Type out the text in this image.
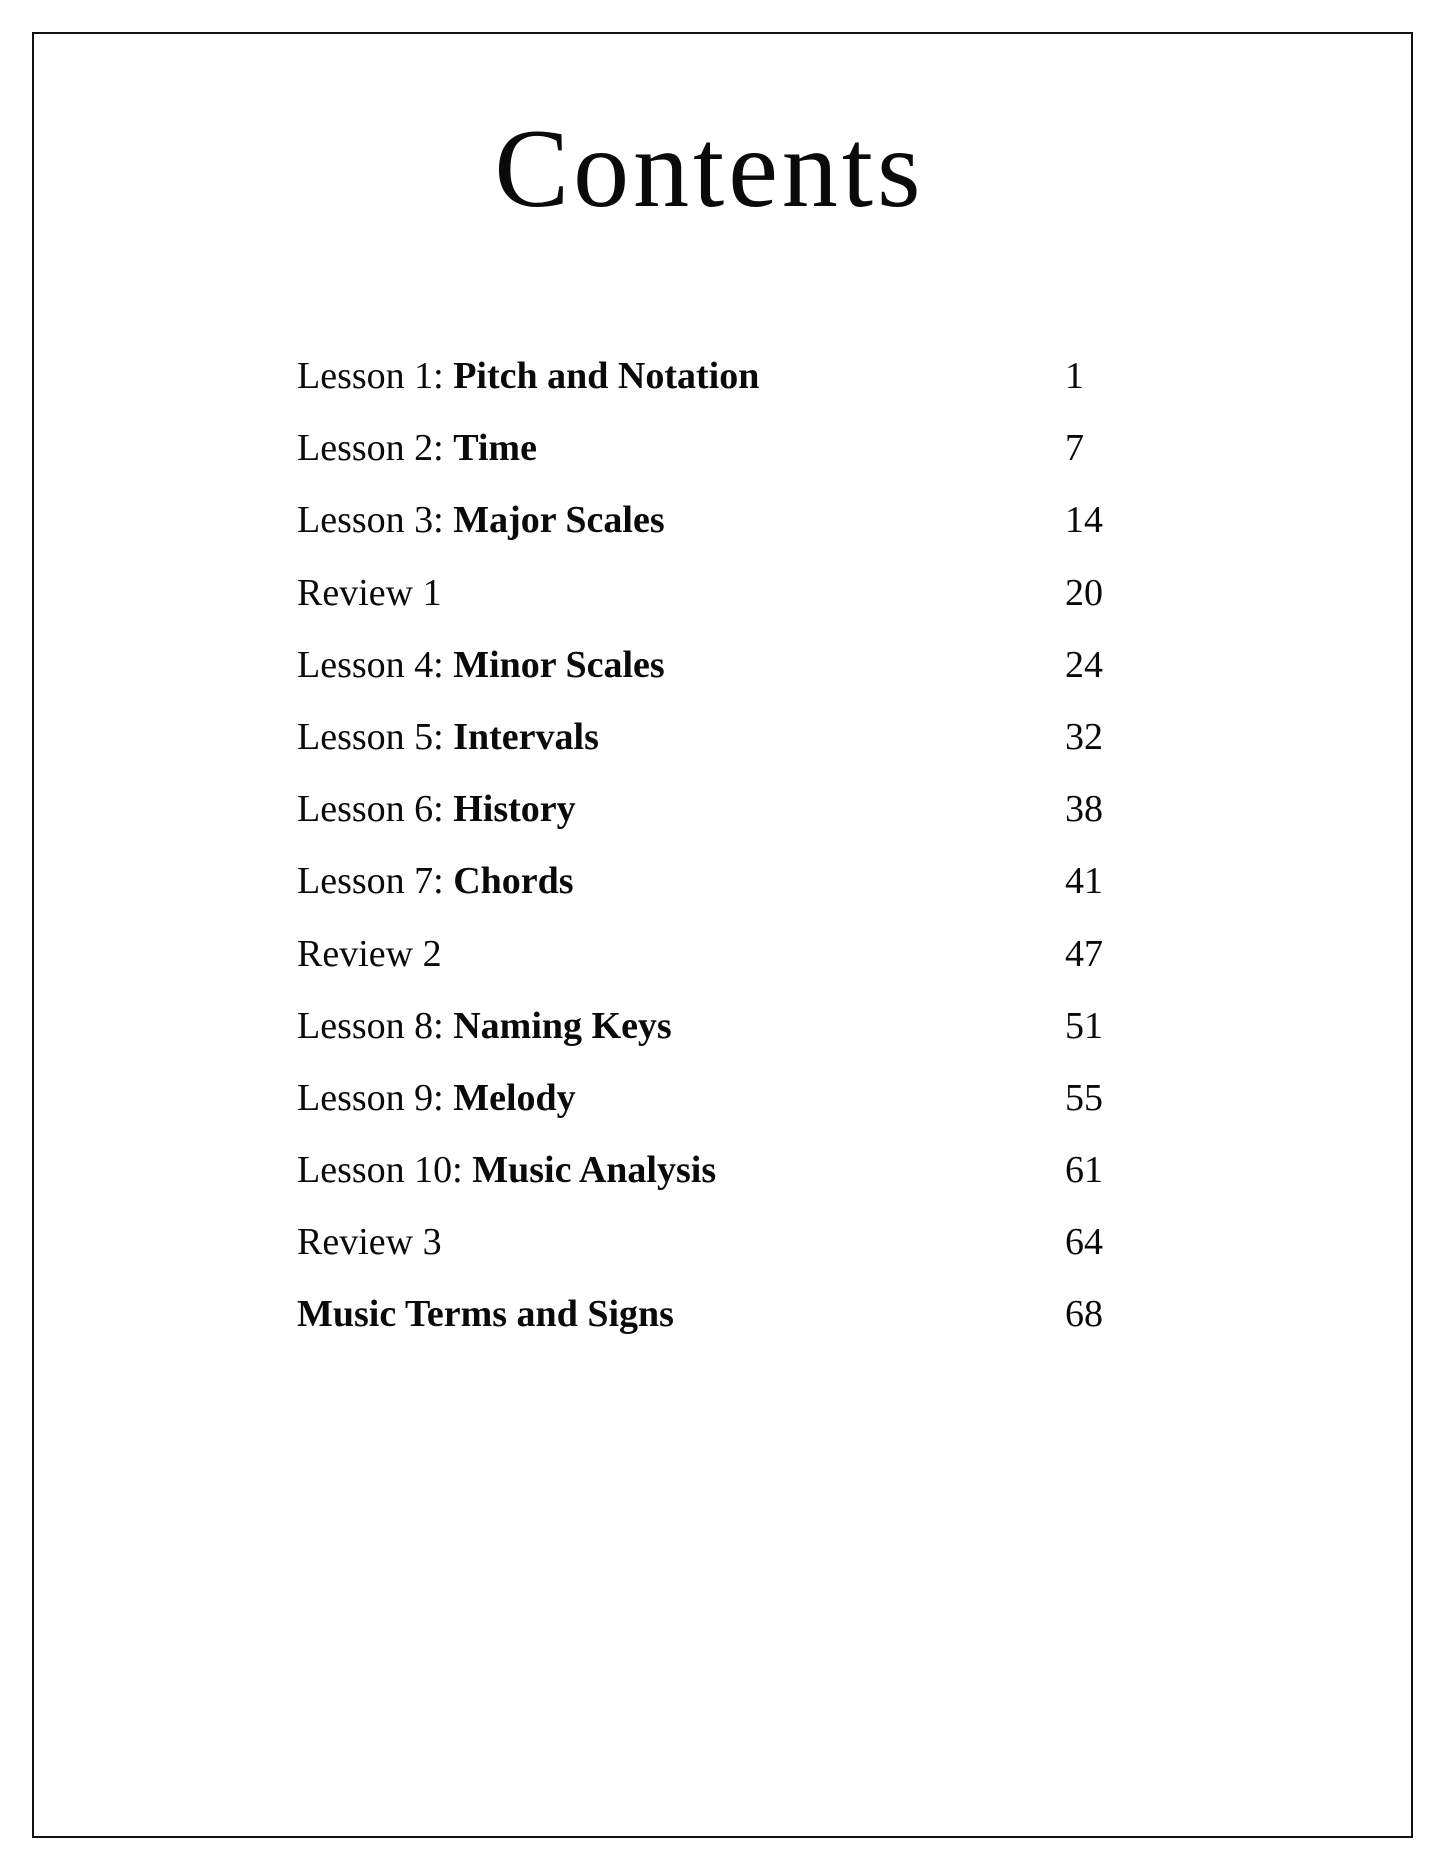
Contents
Lesson 1: Pitch and Notation	1
Lesson 2: Time	7
Lesson 3: Major Scales	14
Review 1	20
Lesson 4: Minor Scales	24
Lesson 5: Intervals	32
Lesson 6: History	38
Lesson 7: Chords	41
Review 2	47
Lesson 8: Naming Keys	51
Lesson 9: Melody	55
Lesson 10: Music Analysis	61
Review 3	64
Music Terms and Signs	68
